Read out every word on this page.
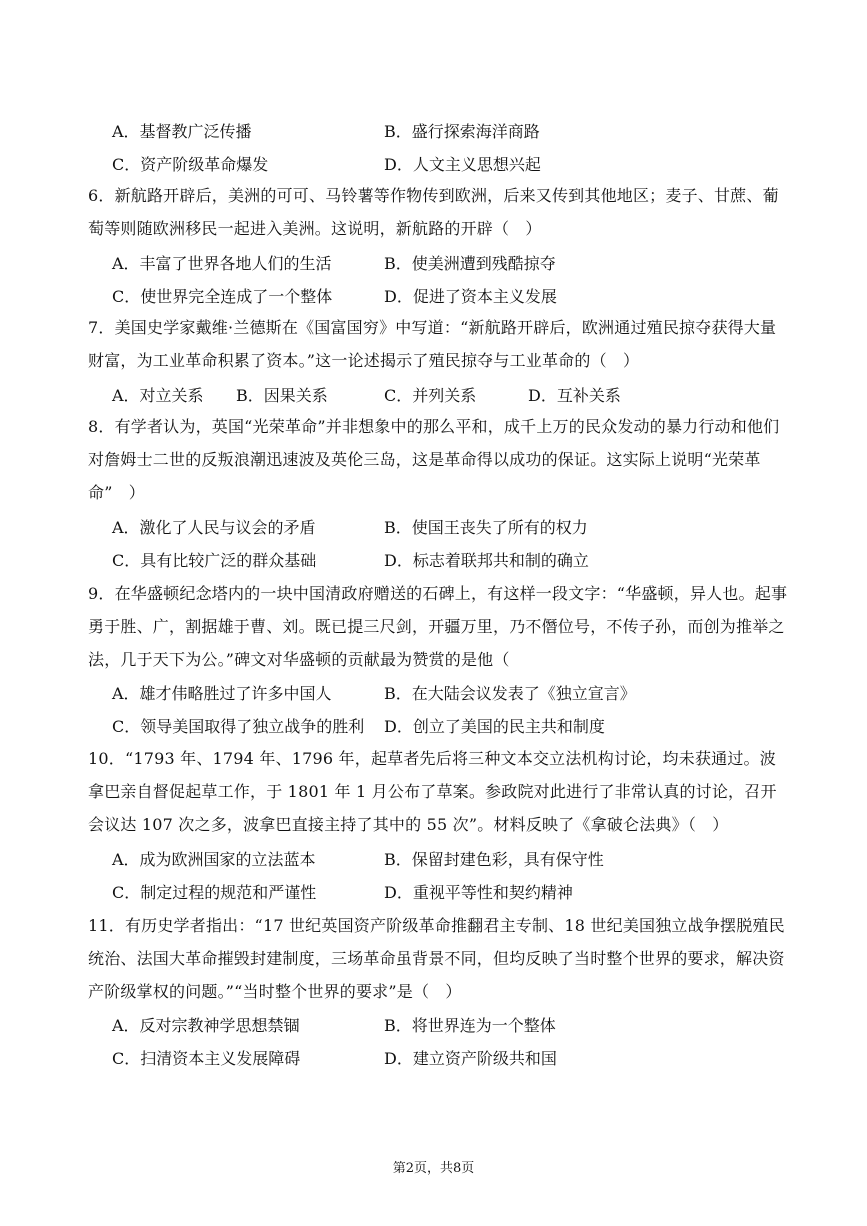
A．基督教广泛传播	B．盛行探索海洋商路
C．资产阶级革命爆发	D．人文主义思想兴起
6．新航路开辟后，美洲的可可、马铃薯等作物传到欧洲，后来又传到其他地区；麦子、甘蔗、葡萄等则随欧洲移民一起进入美洲。这说明，新航路的开辟（　）
A．丰富了世界各地人们的生活	B．使美洲遭到残酷掠夺
C．使世界完全连成了一个整体	D．促进了资本主义发展
7．美国史学家戴维·兰德斯在《国富国穷》中写道：“新航路开辟后，欧洲通过殖民掠夺获得大量财富，为工业革命积累了资本。”这一论述揭示了殖民掠夺与工业革命的（　）
A．对立关系 B．因果关系	C．并列关系	D．互补关系
8．有学者认为，英国“光荣革命”并非想象中的那么平和，成千上万的民众发动的暴力行动和他们对詹姆士二世的反叛浪潮迅速波及英伦三岛，这是革命得以成功的保证。这实际上说明“光荣革命”　）
A．激化了人民与议会的矛盾	B．使国王丧失了所有的权力
C．具有比较广泛的群众基础	D．标志着联邦共和制的确立
9．在华盛顿纪念塔内的一块中国清政府赠送的石碑上，有这样一段文字：“华盛顿，异人也。起事勇于胜、广，割据雄于曹、刘。既已提三尺剑，开疆万里，乃不僭位号，不传子孙，而创为推举之法，几于天下为公。”碑文对华盛顿的贡献最为赞赏的是他（
A．雄才伟略胜过了许多中国人	B．在大陆会议发表了《独立宣言》
C．领导美国取得了独立战争的胜利 D．创立了美国的民主共和制度
10．“1793 年、1794 年、1796 年，起草者先后将三种文本交立法机构讨论，均未获通过。波拿巴亲自督促起草工作，于 1801 年 1 月公布了草案。参政院对此进行了非常认真的讨论，召开会议达 107 次之多，波拿巴直接主持了其中的 55 次”。材料反映了《拿破仑法典》（　）
A．成为欧洲国家的立法蓝本	B．保留封建色彩，具有保守性
C．制定过程的规范和严谨性	D．重视平等性和契约精神
11．有历史学者指出：“17 世纪英国资产阶级革命推翻君主专制、18 世纪美国独立战争摆脱殖民统治、法国大革命摧毁封建制度，三场革命虽背景不同，但均反映了当时整个世界的要求，解决资产阶级掌权的问题。”“当时整个世界的要求”是（　）
A．反对宗教神学思想禁锢	B．将世界连为一个整体
C．扫清资本主义发展障碍	D．建立资产阶级共和国
第2页，共8页
